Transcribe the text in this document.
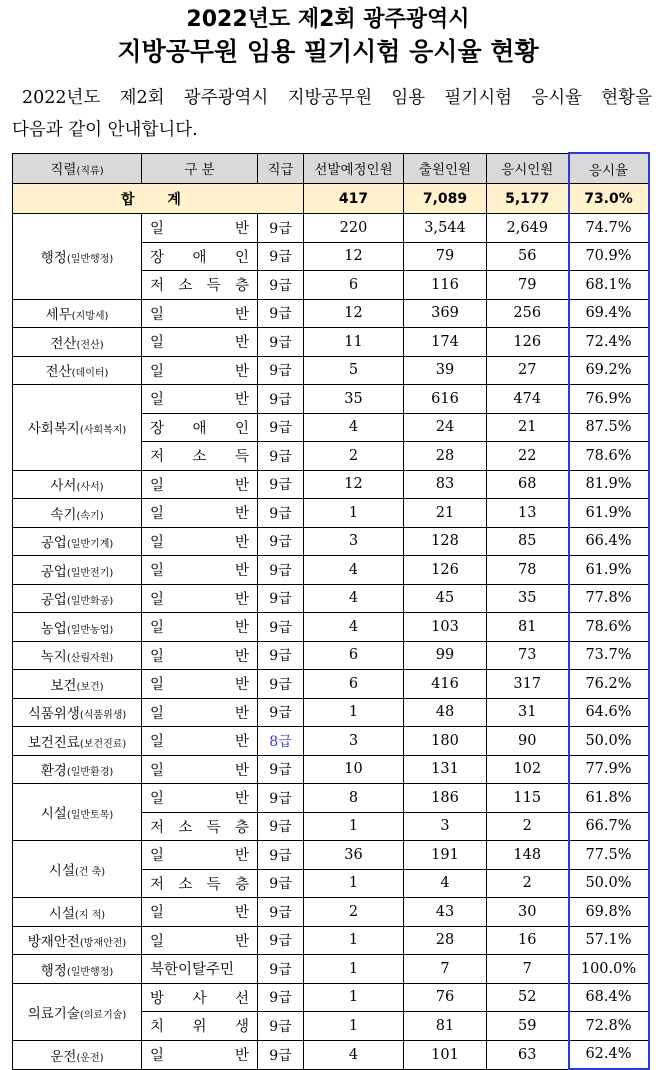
2022년도 제2회 광주광역시
지방공무원 임용 필기시험 응시율 현황
2022년도 제2회 광주광역시 지방공무원 임용 필기시험 응시율 현황을
다음과 같이 안내합니다.
직렬(직류)	구 분	직급	선발예정인원	출원인원	응시인원	응시율
합 계			417	7,089	5,177	73.0%
행정(일반행정)	일 반	9급	220	3,544	2,649	74.7%
	장 애 인	9급	12	79	56	70.9%
	저 소 득 층	9급	6	116	79	68.1%
세무(지방세)	일 반	9급	12	369	256	69.4%
전산(전산)	일 반	9급	11	174	126	72.4%
전산(데이터)	일 반	9급	5	39	27	69.2%
사회복지(사회복지)	일 반	9급	35	616	474	76.9%
	장 애 인	9급	4	24	21	87.5%
	저 소 득	9급	2	28	22	78.6%
사서(사서)	일 반	9급	12	83	68	81.9%
속기(속기)	일 반	9급	1	21	13	61.9%
공업(일반기계)	일 반	9급	3	128	85	66.4%
공업(일반전기)	일 반	9급	4	126	78	61.9%
공업(일반화공)	일 반	9급	4	45	35	77.8%
농업(일반농업)	일 반	9급	4	103	81	78.6%
녹지(산림자원)	일 반	9급	6	99	73	73.7%
보건(보건)	일 반	9급	6	416	317	76.2%
식품위생(식품위생)	일 반	9급	1	48	31	64.6%
보건진료(보건진료)	일 반	8급	3	180	90	50.0%
환경(일반환경)	일 반	9급	10	131	102	77.9%
시설(일반토목)	일 반	9급	8	186	115	61.8%
	저 소 득 층	9급	1	3	2	66.7%
시설(건 축)	일 반	9급	36	191	148	77.5%
	저 소 득 층	9급	1	4	2	50.0%
시설(지 적)	일 반	9급	2	43	30	69.8%
방재안전(방재안전)	일 반	9급	1	28	16	57.1%
행정(일반행정)	북한이탈주민	9급	1	7	7	100.0%
의료기술(의료기술)	방 사 선	9급	1	76	52	68.4%
	치 위 생	9급	1	81	59	72.8%
운전(운전)	일 반	9급	4	101	63	62.4%
